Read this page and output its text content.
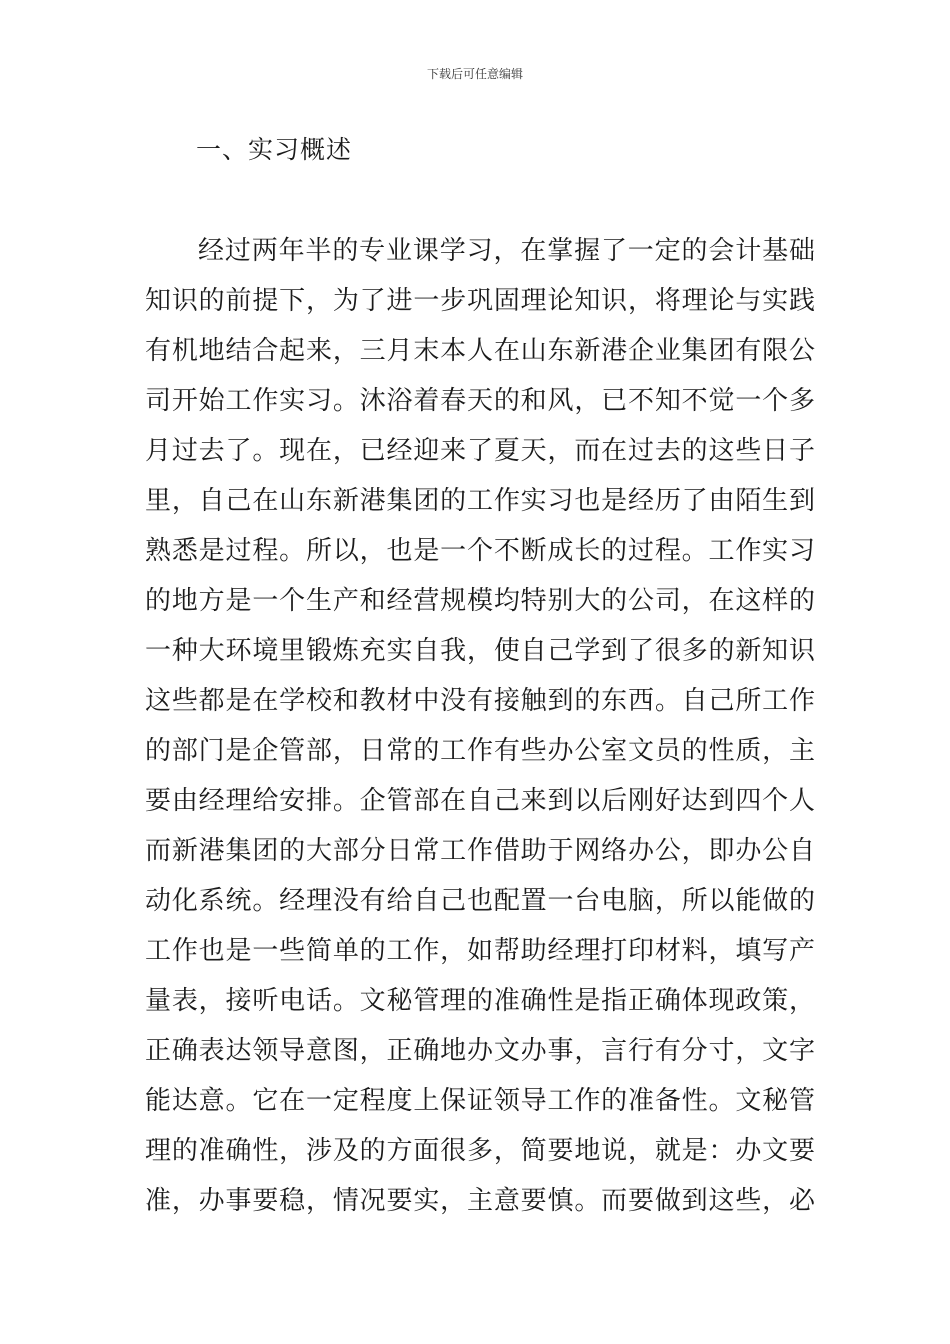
下载后可任意编辑
一、实习概述
经过两年半的专业课学习，在掌握了一定的会计基础
知识的前提下，为了进一步巩固理论知识，将理论与实践
有机地结合起来，三月末本人在山东新港企业集团有限公
司开始工作实习。沐浴着春天的和风，已不知不觉一个多
月过去了。现在，已经迎来了夏天，而在过去的这些日子
里，自己在山东新港集团的工作实习也是经历了由陌生到
熟悉是过程。所以，也是一个不断成长的过程。工作实习
的地方是一个生产和经营规模均特别大的公司，在这样的
一种大环境里锻炼充实自我，使自己学到了很多的新知识
这些都是在学校和教材中没有接触到的东西。自己所工作
的部门是企管部，日常的工作有些办公室文员的性质，主
要由经理给安排。企管部在自己来到以后刚好达到四个人
而新港集团的大部分日常工作借助于网络办公，即办公自
动化系统。经理没有给自己也配置一台电脑，所以能做的
工作也是一些简单的工作，如帮助经理打印材料，填写产
量表，接听电话。文秘管理的准确性是指正确体现政策，
正确表达领导意图，正确地办文办事，言行有分寸，文字
能达意。它在一定程度上保证领导工作的准备性。文秘管
理的准确性，涉及的方面很多，简要地说，就是：办文要
准，办事要稳，情况要实，主意要慎。而要做到这些，必
